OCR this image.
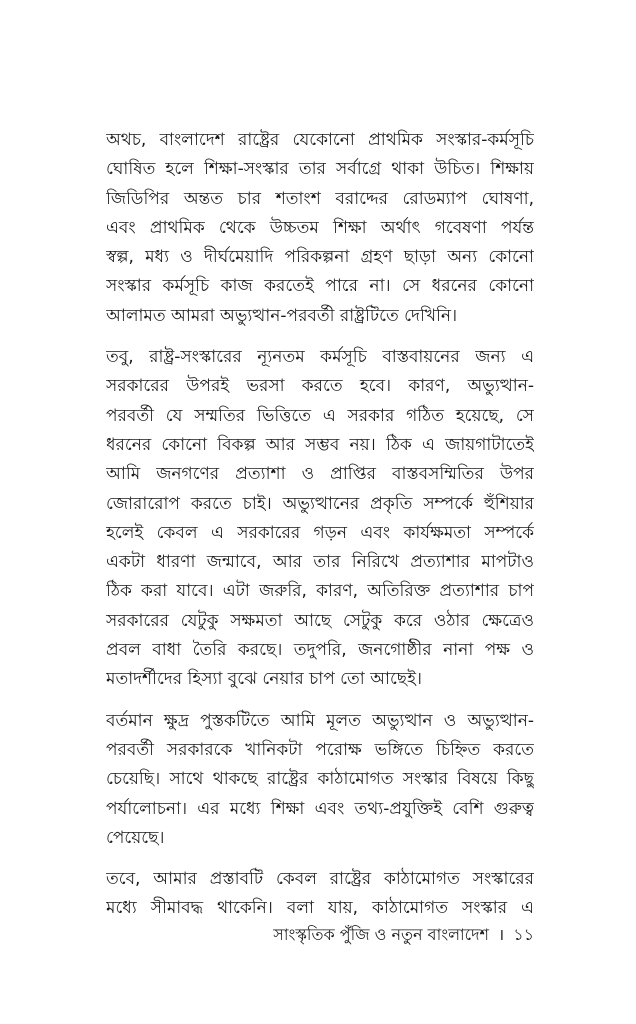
অথচ, বাংলাদেশ রাষ্ট্রের যেকোনো প্রাথমিক সংস্কার-কর্মসূচি
ঘোষিত হলে শিক্ষা-সংস্কার তার সর্বাগ্রে থাকা উচিত। শিক্ষায়
জিডিপির অন্তত চার শতাংশ বরাদ্দের রোডম্যাপ ঘোষণা,
এবং প্রাথমিক থেকে উচ্চতম শিক্ষা অর্থাৎ গবেষণা পর্যন্ত
স্বল্প, মধ্য ও দীর্ঘমেয়াদি পরিকল্পনা গ্রহণ ছাড়া অন্য কোনো
সংস্কার কর্মসূচি কাজ করতেই পারে না। সে ধরনের কোনো
আলামত আমরা অভ্যুত্থান-পরবর্তী রাষ্ট্রটিতে দেখিনি।

তবু, রাষ্ট্র-সংস্কারের ন্যূনতম কর্মসূচি বাস্তবায়নের জন্য এ
সরকারের উপরই ভরসা করতে হবে। কারণ, অভ্যুত্থান-
পরবর্তী যে সম্মতির ভিত্তিতে এ সরকার গঠিত হয়েছে, সে
ধরনের কোনো বিকল্প আর সম্ভব নয়। ঠিক এ জায়গাটাতেই
আমি জনগণের প্রত্যাশা ও প্রাপ্তির বাস্তবসম্মিতির উপর
জোরারোপ করতে চাই। অভ্যুত্থানের প্রকৃতি সম্পর্কে হুঁশিয়ার
হলেই কেবল এ সরকারের গড়ন এবং কার্যক্ষমতা সম্পর্কে
একটা ধারণা জন্মাবে, আর তার নিরিখে প্রত্যাশার মাপটাও
ঠিক করা যাবে। এটা জরুরি, কারণ, অতিরিক্ত প্রত্যাশার চাপ
সরকারের যেটুকু সক্ষমতা আছে সেটুকু করে ওঠার ক্ষেত্রেও
প্রবল বাধা তৈরি করছে। তদুপরি, জনগোষ্ঠীর নানা পক্ষ ও
মতাদর্শীদের হিস্যা বুঝে নেয়ার চাপ তো আছেই।

বর্তমান ক্ষুদ্র পুস্তকটিতে আমি মূলত অভ্যুত্থান ও অভ্যুত্থান-
পরবর্তী সরকারকে খানিকটা পরোক্ষ ভঙ্গিতে চিহ্নিত করতে
চেয়েছি। সাথে থাকছে রাষ্ট্রের কাঠামোগত সংস্কার বিষয়ে কিছু
পর্যালোচনা। এর মধ্যে শিক্ষা এবং তথ্য-প্রযুক্তিই বেশি গুরুত্ব
পেয়েছে।

তবে, আমার প্রস্তাবটি কেবল রাষ্ট্রের কাঠামোগত সংস্কারের
মধ্যে সীমাবদ্ধ থাকেনি। বলা যায়, কাঠামোগত সংস্কার এ

সাংস্কৃতিক পুঁজি ও নতুন বাংলাদেশ । ১১
